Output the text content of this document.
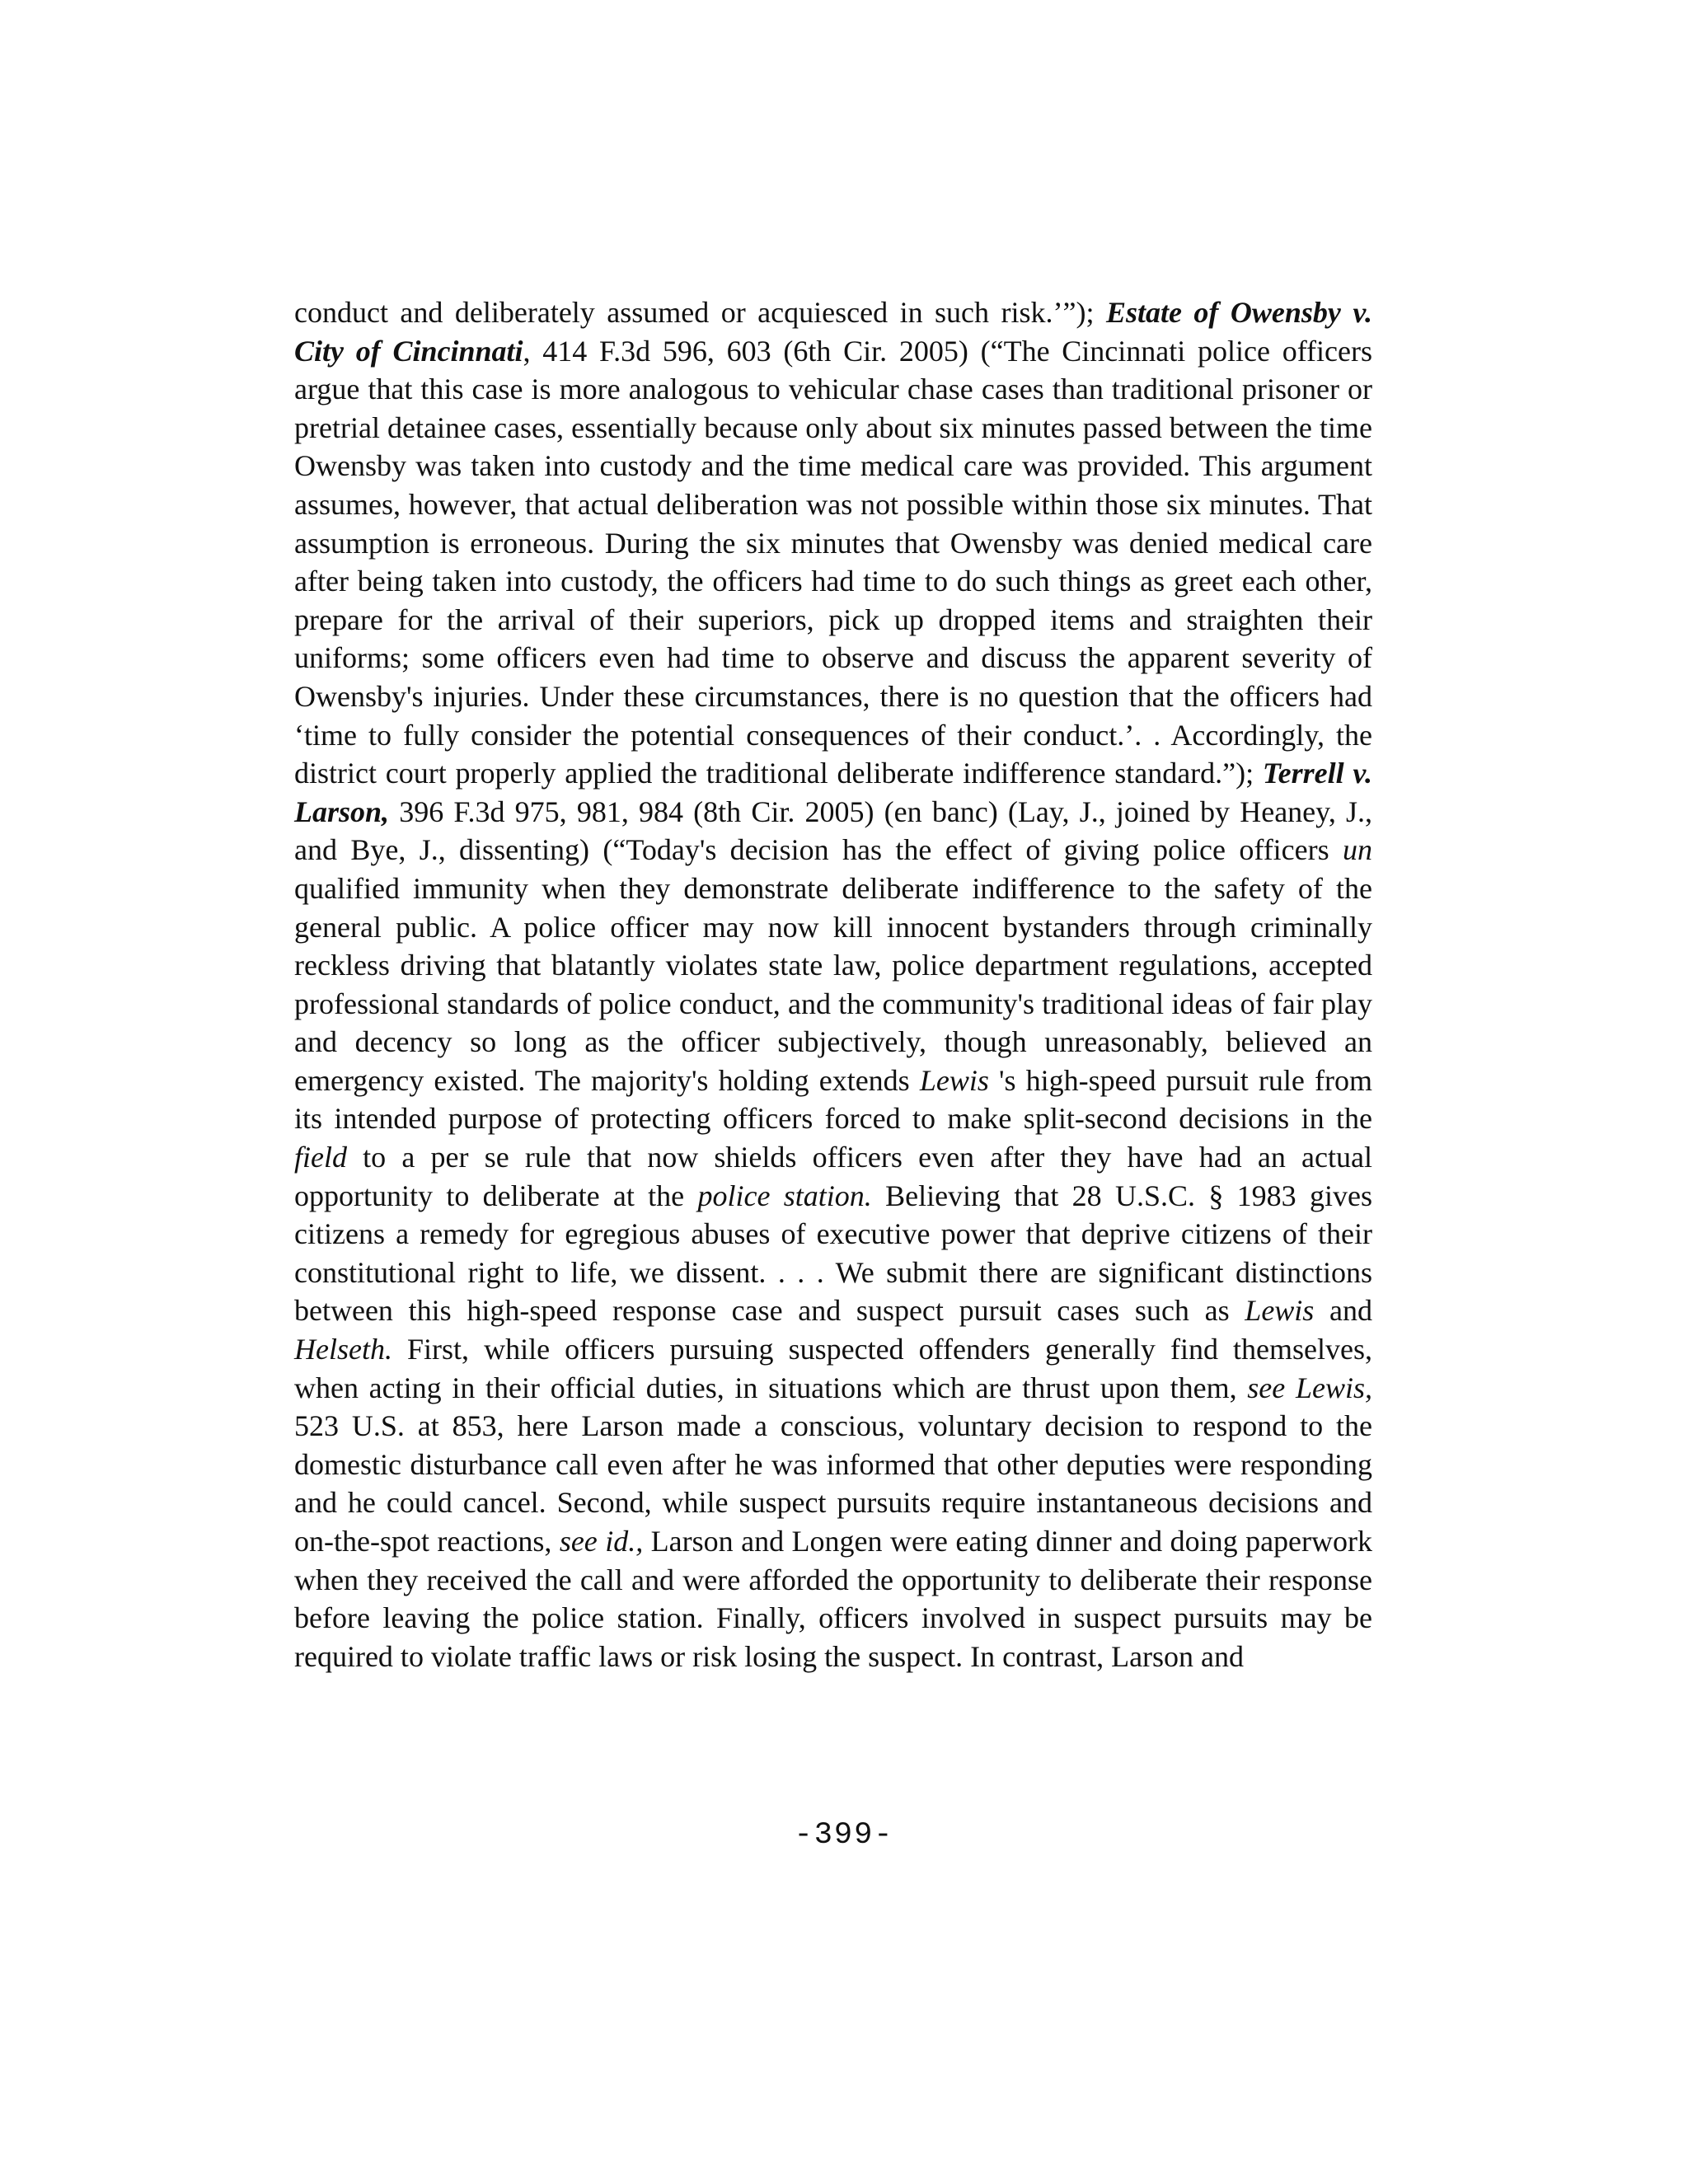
conduct and deliberately assumed or acquiesced in such risk.’”); Estate of Owensby v. City of Cincinnati, 414 F.3d 596, 603 (6th Cir. 2005) (“The Cincinnati police officers argue that this case is more analogous to vehicular chase cases than traditional prisoner or pretrial detainee cases, essentially because only about six minutes passed between the time Owensby was taken into custody and the time medical care was provided. This argument assumes, however, that actual deliberation was not possible within those six minutes. That assumption is erroneous. During the six minutes that Owensby was denied medical care after being taken into custody, the officers had time to do such things as greet each other, prepare for the arrival of their superiors, pick up dropped items and straighten their uniforms; some officers even had time to observe and discuss the apparent severity of Owensby's injuries. Under these circumstances, there is no question that the officers had ‘time to fully consider the potential consequences of their conduct.’. . Accordingly, the district court properly applied the traditional deliberate indifference standard.”); Terrell v. Larson, 396 F.3d 975, 981, 984 (8th Cir. 2005) (en banc) (Lay, J., joined by Heaney, J., and Bye, J., dissenting) (“Today's decision has the effect of giving police officers un qualified immunity when they demonstrate deliberate indifference to the safety of the general public. A police officer may now kill innocent bystanders through criminally reckless driving that blatantly violates state law, police department regulations, accepted professional standards of police conduct, and the community's traditional ideas of fair play and decency so long as the officer subjectively, though unreasonably, believed an emergency existed. The majority's holding extends Lewis 's high-speed pursuit rule from its intended purpose of protecting officers forced to make split-second decisions in the field to a per se rule that now shields officers even after they have had an actual opportunity to deliberate at the police station. Believing that 28 U.S.C. § 1983 gives citizens a remedy for egregious abuses of executive power that deprive citizens of their constitutional right to life, we dissent. . . . We submit there are significant distinctions between this high-speed response case and suspect pursuit cases such as Lewis and Helseth. First, while officers pursuing suspected offenders generally find themselves, when acting in their official duties, in situations which are thrust upon them, see Lewis, 523 U.S. at 853, here Larson made a conscious, voluntary decision to respond to the domestic disturbance call even after he was informed that other deputies were responding and he could cancel. Second, while suspect pursuits require instantaneous decisions and on-the-spot reactions, see id., Larson and Longen were eating dinner and doing paperwork when they received the call and were afforded the opportunity to deliberate their response before leaving the police station. Finally, officers involved in suspect pursuits may be required to violate traffic laws or risk losing the suspect. In contrast, Larson and

-399-
